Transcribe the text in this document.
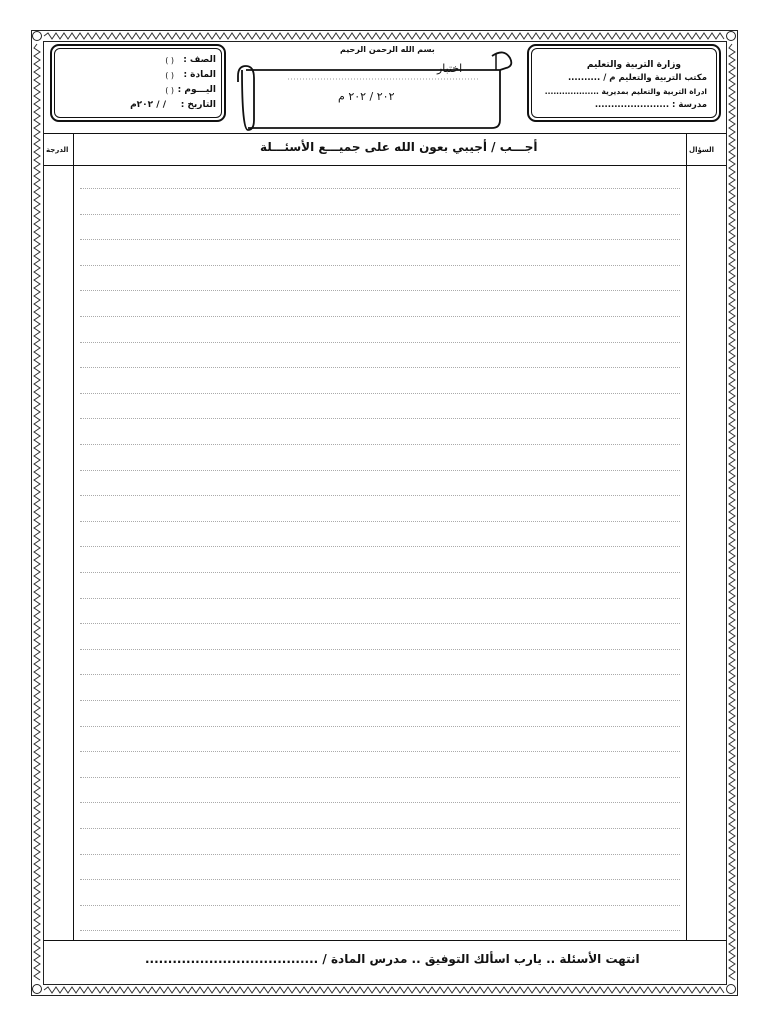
الصف :
( )
المادة :
( )
اليـــوم :
( )
التاريخ :
/ / ٢٠٢م
بسم الله الرحمن الرحيم
اختبار
٢٠٢ / ٢٠٢ م
وزارة التربية والتعليم
مكتب التربية والتعليم م / ..........
ادراة التربية والتعليم بمديرية ...................
مدرسة : .......................
السؤال
أجـــب / أجيبي بعون الله على جميـــع الأسئـــلة
الدرجة
انتهت الأسئلة .. يارب اسألك التوفيق .. مدرس المادة / ......................................
